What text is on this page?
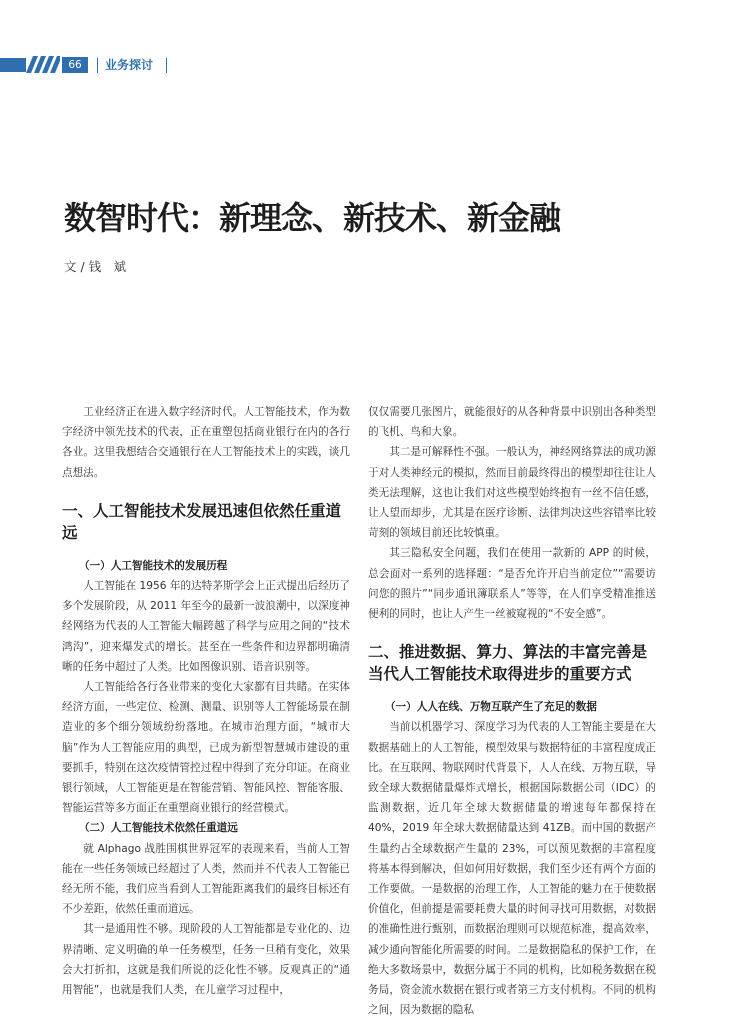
66	业务探讨
数智时代：新理念、新技术、新金融
文 / 钱　斌

工业经济正在进入数字经济时代。人工智能技术，作为数字经济中领先技术的代表，正在重塑包括商业银行在内的各行各业。这里我想结合交通银行在人工智能技术上的实践，谈几点想法。

一、人工智能技术发展迅速但依然任重道远
（一）人工智能技术的发展历程

人工智能在 1956 年的达特茅斯学会上正式提出后经历了多个发展阶段，从 2011 年至今的最新一波浪潮中，以深度神经网络为代表的人工智能大幅跨越了科学与应用之间的“技术鸿沟”，迎来爆发式的增长。甚至在一些条件和边界都明确清晰的任务中超过了人类。比如图像识别、语音识别等。

人工智能给各行各业带来的变化大家都有目共睹。在实体经济方面，一些定位、检测、测量、识别等人工智能场景在制造业的多个细分领域纷纷落地。在城市治理方面，“城市大脑”作为人工智能应用的典型，已成为新型智慧城市建设的重要抓手，特别在这次疫情管控过程中得到了充分印证。在商业银行领域，人工智能更是在智能营销、智能风控、智能客服、智能运营等多方面正在重塑商业银行的经营模式。

（二）人工智能技术依然任重道远

就 Alphago 战胜围棋世界冠军的表现来看，当前人工智能在一些任务领域已经超过了人类，然而并不代表人工智能已经无所不能，我们应当看到人工智能距离我们的最终目标还有不少差距，依然任重而道远。

其一是通用性不够。现阶段的人工智能都是专业化的、边界清晰、定义明确的单一任务模型，任务一旦稍有变化，效果会大打折扣，这就是我们所说的泛化性不够。反观真正的“通用智能”，也就是我们人类，在儿童学习过程中，

仅仅需要几张图片，就能很好的从各种背景中识别出各种类型的飞机、鸟和大象。

其二是可解释性不强。一般认为，神经网络算法的成功源于对人类神经元的模拟，然而目前最终得出的模型却往往让人类无法理解，这也让我们对这些模型始终抱有一丝不信任感，让人望而却步，尤其是在医疗诊断、法律判决这些容错率比较苛刻的领域目前还比较慎重。

其三隐私安全问题，我们在使用一款新的 APP 的时候，总会面对一系列的选择题：“是否允许开启当前定位”“需要访问您的照片”“同步通讯簿联系人”等等，在人们享受精准推送便利的同时，也让人产生一丝被窥视的“不安全感”。

二、推进数据、算力、算法的丰富完善是当代人工智能技术取得进步的重要方式
（一）人人在线、万物互联产生了充足的数据

当前以机器学习、深度学习为代表的人工智能主要是在大数据基础上的人工智能，模型效果与数据特征的丰富程度成正比。在互联网、物联网时代背景下，人人在线、万物互联，导致全球大数据储量爆炸式增长，根据国际数据公司（IDC）的监测数据，近几年全球大数据储量的增速每年都保持在 40%，2019 年全球大数据储量达到 41ZB。而中国的数据产生量约占全球数据产生量的 23%，可以预见数据的丰富程度将基本得到解决，但如何用好数据，我们至少还有两个方面的工作要做。一是数据的治理工作，人工智能的魅力在于使数据价值化，但前提是需要耗费大量的时间寻找可用数据，对数据的准确性进行甄别，而数据治理则可以规范标准，提高效率，减少通向智能化所需要的时间。二是数据隐私的保护工作，在绝大多数场景中，数据分属于不同的机构，比如税务数据在税务局，资金流水数据在银行或者第三方支付机构。不同的机构之间，因为数据的隐私
